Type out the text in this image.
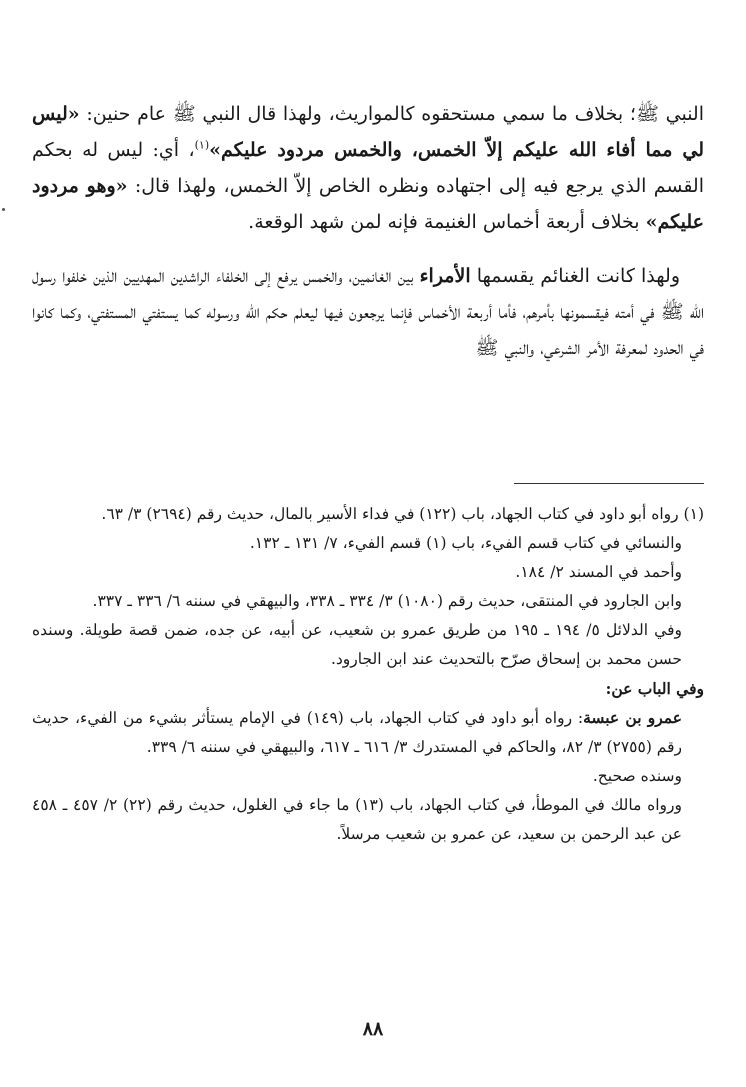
النبي ﷺ؛ بخلاف ما سمي مستحقوه كالمواريث، ولهذا قال النبي ﷺ عام حنين: «ليس لي مما أفاء الله عليكم إلاّ الخمس، والخمس مردود عليكم»$^{(١)}$، أي: ليس له بحكم القسم الذي يرجع فيه إلى اجتهاده ونظره الخاص إلاّ الخمس، ولهذا قال: «وهو مردود عليكم» بخلاف أربعة أخماس الغنيمة فإنه لمن شهد الوقعة.

ولهذا كانت الغنائم يقسمها الأمراء بين الغانمين، والخمس يرفع إلى الخلفاء الراشدين المهديين الذين خلفوا رسول الله ﷺ في أمته فيقسمونها بأمرهم، فأما أربعة الأخماس فإنما يرجعون فيها ليعلم حكم الله ورسوله كما يستفتي المستفتي، وكما كانوا في الحدود لمعرفة الأمر الشرعي، والنبي ﷺ

(١) رواه أبو داود في كتاب الجهاد، باب (١٢٢) في فداء الأسير بالمال، حديث رقم (٢٦٩٤) ٣/ ٦٣.

والنسائي في كتاب قسم الفيء، باب (١) قسم الفيء، ٧/ ١٣١ ـ ١٣٢.

وأحمد في المسند ٢/ ١٨٤.

وابن الجارود في المنتقى، حديث رقم (١٠٨٠) ٣/ ٣٣٤ ـ ٣٣٨، والبيهقي في سننه ٦/ ٣٣٦ ـ ٣٣٧.

وفي الدلائل ٥/ ١٩٤ ـ ١٩٥ من طريق عمرو بن شعيب، عن أبيه، عن جده، ضمن قصة طويلة. وسنده حسن محمد بن إسحاق صرّح بالتحديث عند ابن الجارود.

وفي الباب عن:

عمرو بن عبسة: رواه أبو داود في كتاب الجهاد، باب (١٤٩) في الإمام يستأثر بشيء من الفيء، حديث رقم (٢٧٥٥) ٣/ ٨٢، والحاكم في المستدرك ٣/ ٦١٦ ـ ٦١٧، والبيهقي في سننه ٦/ ٣٣٩.

وسنده صحيح.

ورواه مالك في الموطأ، في كتاب الجهاد، باب (١٣) ما جاء في الغلول، حديث رقم (٢٢) ٢/ ٤٥٧ ـ ٤٥٨ عن عبد الرحمن بن سعيد، عن عمرو بن شعيب مرسلاً.

٨٨
